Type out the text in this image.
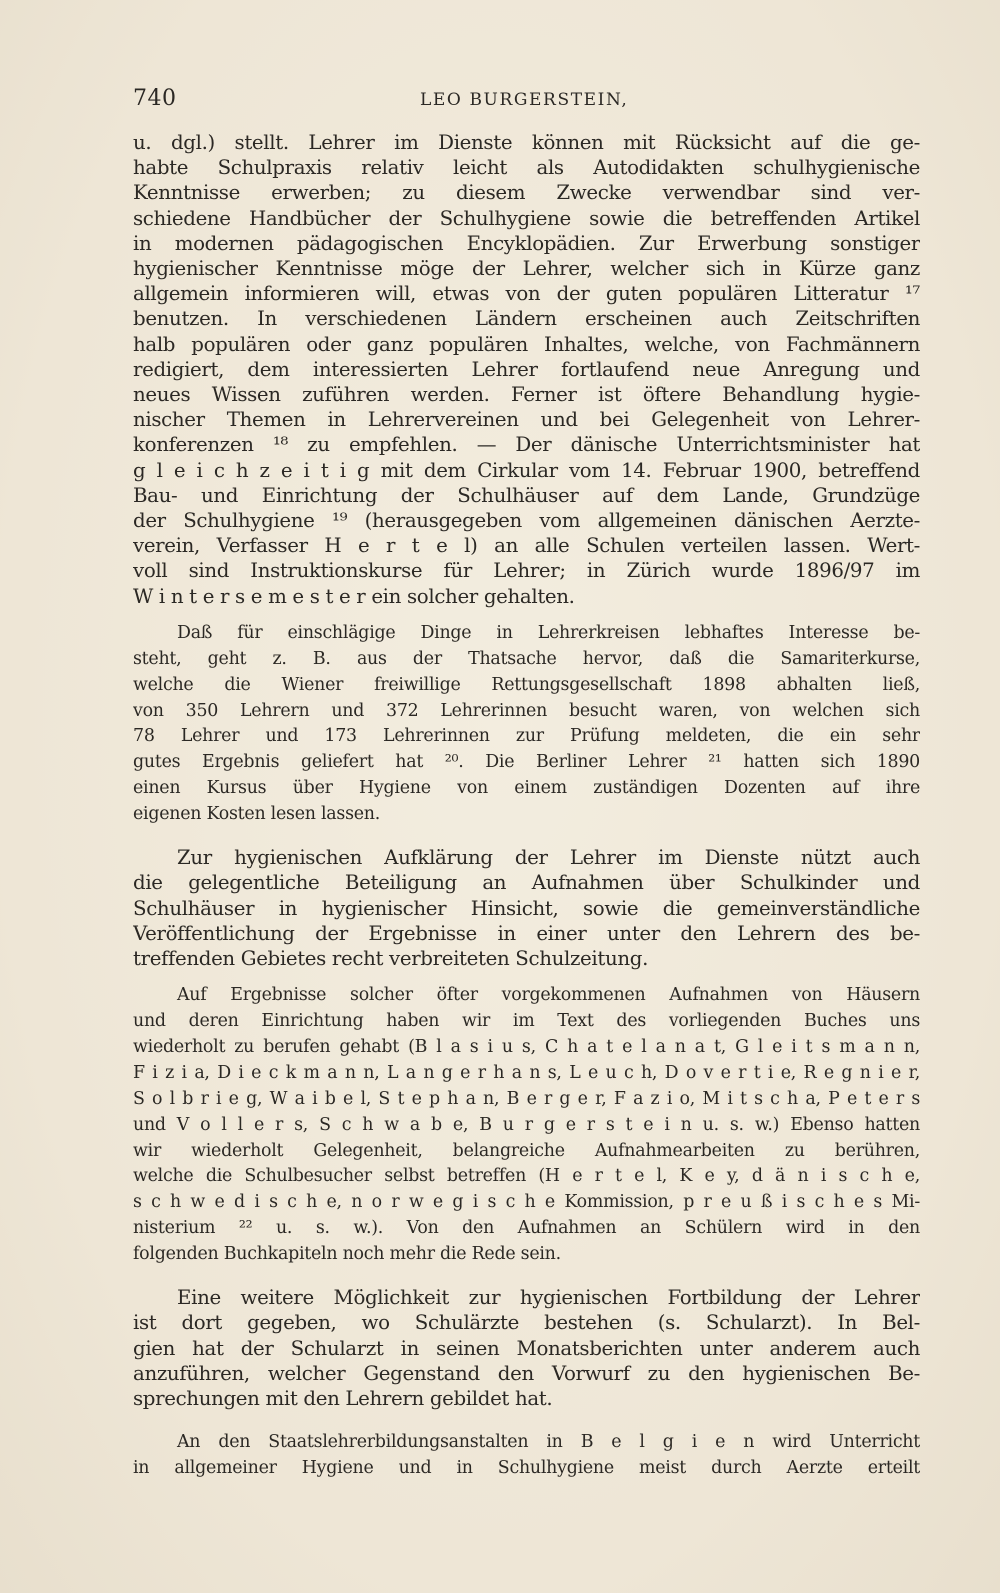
740	LEO BURGERSTEIN,

u. dgl.) stellt. Lehrer im Dienste können mit Rücksicht auf die ge-
habte Schulpraxis relativ leicht als Autodidakten schulhygienische
Kenntnisse erwerben; zu diesem Zwecke verwendbar sind ver-
schiedene Handbücher der Schulhygiene sowie die betreffenden Artikel
in modernen pädagogischen Encyklopädien. Zur Erwerbung sonstiger
hygienischer Kenntnisse möge der Lehrer, welcher sich in Kürze ganz
allgemein informieren will, etwas von der guten populären Litteratur ¹⁷
benutzen. In verschiedenen Ländern erscheinen auch Zeitschriften
halb populären oder ganz populären Inhaltes, welche, von Fachmännern
redigiert, dem interessierten Lehrer fortlaufend neue Anregung und
neues Wissen zuführen werden. Ferner ist öftere Behandlung hygie-
nischer Themen in Lehrervereinen und bei Gelegenheit von Lehrer-
konferenzen ¹⁸ zu empfehlen. — Der dänische Unterrichtsminister hat
g l e i c h z e i t i g mit dem Cirkular vom 14. Februar 1900, betreffend
Bau- und Einrichtung der Schulhäuser auf dem Lande, Grundzüge
der Schulhygiene ¹⁹ (herausgegeben vom allgemeinen dänischen Aerzte-
verein, Verfasser H e r t e l) an alle Schulen verteilen lassen. Wert-
voll sind Instruktionskurse für Lehrer; in Zürich wurde 1896/97 im
W i n t e r s e m e s t e r ein solcher gehalten.

Daß für einschlägige Dinge in Lehrerkreisen lebhaftes Interesse be-
steht, geht z. B. aus der Thatsache hervor, daß die Samariterkurse,
welche die Wiener freiwillige Rettungsgesellschaft 1898 abhalten ließ,
von 350 Lehrern und 372 Lehrerinnen besucht waren, von welchen sich
78 Lehrer und 173 Lehrerinnen zur Prüfung meldeten, die ein sehr
gutes Ergebnis geliefert hat ²⁰. Die Berliner Lehrer ²¹ hatten sich 1890
einen Kursus über Hygiene von einem zuständigen Dozenten auf ihre
eigenen Kosten lesen lassen.

Zur hygienischen Aufklärung der Lehrer im Dienste nützt auch
die gelegentliche Beteiligung an Aufnahmen über Schulkinder und
Schulhäuser in hygienischer Hinsicht, sowie die gemeinverständliche
Veröffentlichung der Ergebnisse in einer unter den Lehrern des be-
treffenden Gebietes recht verbreiteten Schulzeitung.

Auf Ergebnisse solcher öfter vorgekommenen Aufnahmen von Häusern
und deren Einrichtung haben wir im Text des vorliegenden Buches uns
wiederholt zu berufen gehabt (B l a s i u s, C h a t e l a n a t, G l e i t s m a n n,
F i z i a, D i e c k m a n n, L a n g e r h a n s, L e u c h, D o v e r t i e, R e g n i e r,
S o l b r i e g, W a i b e l, S t e p h a n, B e r g e r, F a z i o, M i t s c h a, P e t e r s
und V o l l e r s, S c h w a b e, B u r g e r s t e i n u. s. w.) Ebenso hatten
wir wiederholt Gelegenheit, belangreiche Aufnahmearbeiten zu berühren,
welche die Schulbesucher selbst betreffen (H e r t e l, K e y, d ä n i s c h e,
s c h w e d i s c h e, n o r w e g i s c h e Kommission, p r e u ß i s c h e s Mi-
nisterium ²² u. s. w.). Von den Aufnahmen an Schülern wird in den
folgenden Buchkapiteln noch mehr die Rede sein.

Eine weitere Möglichkeit zur hygienischen Fortbildung der Lehrer
ist dort gegeben, wo Schulärzte bestehen (s. Schularzt). In Bel-
gien hat der Schularzt in seinen Monatsberichten unter anderem auch
anzuführen, welcher Gegenstand den Vorwurf zu den hygienischen Be-
sprechungen mit den Lehrern gebildet hat.

An den Staatslehrerbildungsanstalten in B e l g i e n wird Unterricht
in allgemeiner Hygiene und in Schulhygiene meist durch Aerzte erteilt
